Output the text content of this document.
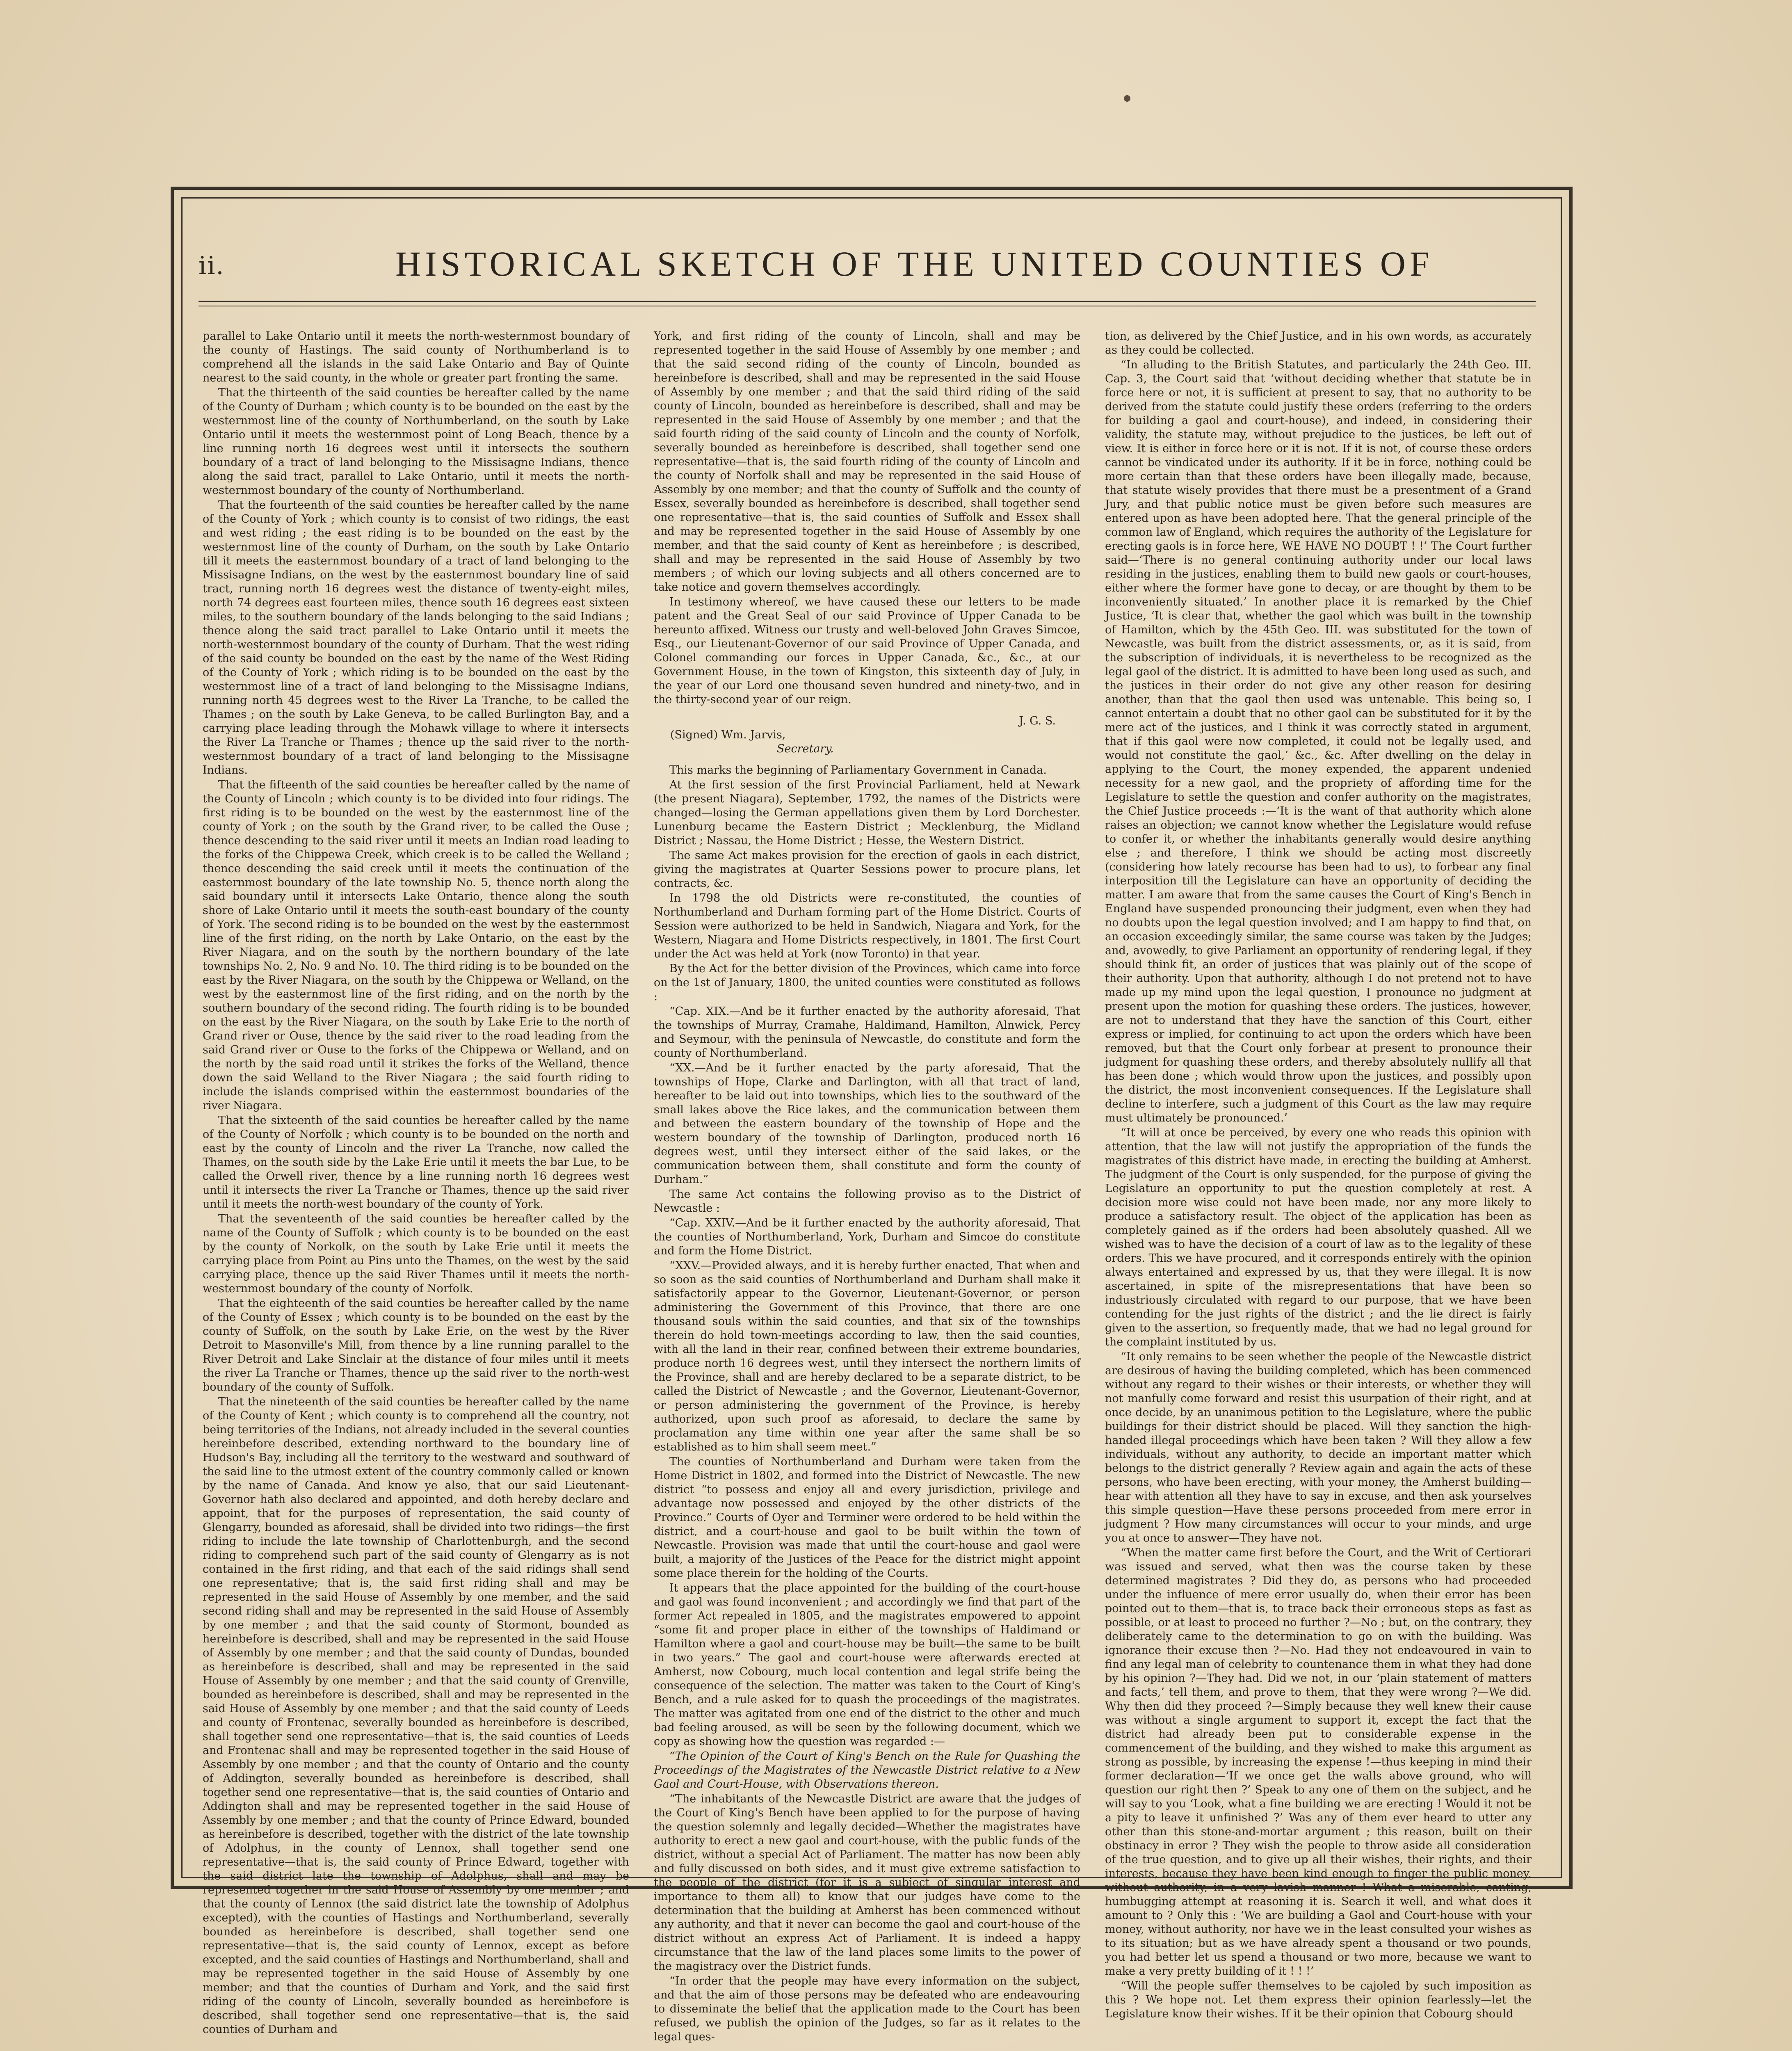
ii.	HISTORICAL SKETCH OF THE UNITED COUNTIES OF

parallel to Lake Ontario until it meets the north-westernmost boundary of the county of Hastings. The said county of Northumberland is to comprehend all the islands in the said Lake Ontario and Bay of Quinte nearest to the said county, in the whole or greater part fronting the same.

That the thirteenth of the said counties be hereafter called by the name of the County of Durham ; which county is to be bounded on the east by the westernmost line of the county of Northumberland, on the south by Lake Ontario until it meets the westernmost point of Long Beach, thence by a line running north 16 degrees west until it intersects the southern boundary of a tract of land belonging to the Missisagne Indians, thence along the said tract, parallel to Lake Ontario, until it meets the north-westernmost boundary of the county of Northumberland.

That the fourteenth of the said counties be hereafter called by the name of the County of York ; which county is to consist of two ridings, the east and west riding ; the east riding is to be bounded on the east by the westernmost line of the county of Durham, on the south by Lake Ontario till it meets the easternmost boundary of a tract of land belonging to the Missisagne Indians, on the west by the easternmost boundary line of said tract, running north 16 degrees west the distance of twenty-eight miles, north 74 degrees east fourteen miles, thence south 16 degrees east sixteen miles, to the southern boundary of the lands belonging to the said Indians ; thence along the said tract parallel to Lake Ontario until it meets the north-westernmost boundary of the county of Durham. That the west riding of the said county be bounded on the east by the name of the West Riding of the County of York ; which riding is to be bounded on the east by the westernmost line of a tract of land belonging to the Missisagne Indians, running north 45 degrees west to the River La Tranche, to be called the Thames ; on the south by Lake Geneva, to be called Burlington Bay, and a carrying place leading through the Mohawk village to where it intersects the River La Tranche or Thames ; thence up the said river to the north-westernmost boundary of a tract of land belonging to the Missisagne Indians.

That the fifteenth of the said counties be hereafter called by the name of the County of Lincoln ; which county is to be divided into four ridings. The first riding is to be bounded on the west by the easternmost line of the county of York ; on the south by the Grand river, to be called the Ouse ; thence descending to the said river until it meets an Indian road leading to the forks of the Chippewa Creek, which creek is to be called the Welland ; thence descending the said creek until it meets the continuation of the easternmost boundary of the late township No. 5, thence north along the said boundary until it intersects Lake Ontario, thence along the south shore of Lake Ontario until it meets the south-east boundary of the county of York. The second riding is to be bounded on the west by the easternmost line of the first riding, on the north by Lake Ontario, on the east by the River Niagara, and on the south by the northern boundary of the late townships No. 2, No. 9 and No. 10. The third riding is to be bounded on the east by the River Niagara, on the south by the Chippewa or Welland, on the west by the easternmost line of the first riding, and on the north by the southern boundary of the second riding. The fourth riding is to be bounded on the east by the River Niagara, on the south by Lake Erie to the north of Grand river or Ouse, thence by the said river to the road leading from the said Grand river or Ouse to the forks of the Chippewa or Welland, and on the north by the said road until it strikes the forks of the Welland, thence down the said Welland to the River Niagara ; the said fourth riding to include the islands comprised within the easternmost boundaries of the river Niagara.

That the sixteenth of the said counties be hereafter called by the name of the County of Norfolk ; which county is to be bounded on the north and east by the county of Lincoln and the river La Tranche, now called the Thames, on the south side by the Lake Erie until it meets the bar Lue, to be called the Orwell river, thence by a line running north 16 degrees west until it intersects the river La Tranche or Thames, thence up the said river until it meets the north-west boundary of the county of York.

That the seventeenth of the said counties be hereafter called by the name of the County of Suffolk ; which county is to be bounded on the east by the county of Norkolk, on the south by Lake Erie until it meets the carrying place from Point au Pins unto the Thames, on the west by the said carrying place, thence up the said River Thames until it meets the north-westernmost boundary of the county of Norfolk.

That the eighteenth of the said counties be hereafter called by the name of the County of Essex ; which county is to be bounded on the east by the county of Suffolk, on the south by Lake Erie, on the west by the River Detroit to Masonville's Mill, from thence by a line running parallel to the River Detroit and Lake Sinclair at the distance of four miles until it meets the river La Tranche or Thames, thence up the said river to the north-west boundary of the county of Suffolk.

That the nineteenth of the said counties be hereafter called by the name of the County of Kent ; which county is to comprehend all the country, not being territories of the Indians, not already included in the several counties hereinbefore described, extending northward to the boundary line of Hudson's Bay, including all the territory to the westward and southward of the said line to the utmost extent of the country commonly called or known by the name of Canada. And know ye also, that our said Lieutenant-Governor hath also declared and appointed, and doth hereby declare and appoint, that for the purposes of representation, the said county of Glengarry, bounded as aforesaid, shall be divided into two ridings—the first riding to include the late township of Charlottenburgh, and the second riding to comprehend such part of the said county of Glengarry as is not contained in the first riding, and that each of the said ridings shall send one representative; that is, the said first riding shall and may be represented in the said House of Assembly by one member, and the said second riding shall and may be represented in the said House of Assembly by one member ; and that the said county of Stormont, bounded as hereinbefore is described, shall and may be represented in the said House of Assembly by one member ; and that the said county of Dundas, bounded as hereinbefore is described, shall and may be represented in the said House of Assembly by one member ; and that the said county of Grenville, bounded as hereinbefore is described, shall and may be represented in the said House of Assembly by one member ; and that the said county of Leeds and county of Frontenac, severally bounded as hereinbefore is described, shall together send one representative—that is, the said counties of Leeds and Frontenac shall and may be represented together in the said House of Assembly by one member ; and that the county of Ontario and the county of Addington, severally bounded as hereinbefore is described, shall together send one representative—that is, the said counties of Ontario and Addington shall and may be represented together in the said House of Assembly by one member ; and that the county of Prince Edward, bounded as hereinbefore is described, together with the district of the late township of Adolphus, in the county of Lennox, shall together send one representative—that is, the said county of Prince Edward, together with the said district late the township of Adolphus, shall and may be represented together in the said House of Assembly by one member ; and that the county of Lennox (the said district late the township of Adolphus excepted), with the counties of Hastings and Northumberland, severally bounded as hereinbefore is described, shall together send one representative—that is, the said county of Lennox, except as before excepted, and the said counties of Hastings and Northumberland, shall and may be represented together in the said House of Assembly by one member; and that the counties of Durham and York, and the said first riding of the county of Lincoln, severally bounded as hereinbefore is described, shall together send one representative—that is, the said counties of Durham and

York, and first riding of the county of Lincoln, shall and may be represented together in the said House of Assembly by one member ; and that the said second riding of the county of Lincoln, bounded as hereinbefore is described, shall and may be represented in the said House of Assembly by one member ; and that the said third riding of the said county of Lincoln, bounded as hereinbefore is described, shall and may be represented in the said House of Assembly by one member ; and that the said fourth riding of the said county of Lincoln and the county of Norfolk, severally bounded as hereinbefore is described, shall together send one representative—that is, the said fourth riding of the county of Lincoln and the county of Norfolk shall and may be represented in the said House of Assembly by one member; and that the county of Suffolk and the county of Essex, severally bounded as hereinbefore is described, shall together send one representative—that is, the said counties of Suffolk and Essex shall and may be represented together in the said House of Assembly by one member, and that the said county of Kent as hereinbefore ; is described, shall and may be represented in the said House of Assembly by two members ; of which our loving subjects and all others concerned are to take notice and govern themselves accordingly.

In testimony whereof, we have caused these our letters to be made patent and the Great Seal of our said Province of Upper Canada to be hereunto affixed. Witness our trusty and well-beloved John Graves Simcoe, Esq., our Lieutenant-Governor of our said Province of Upper Canada, and Colonel commanding our forces in Upper Canada, &c., &c., at our Government House, in the town of Kingston, this sixteenth day of July, in the year of our Lord one thousand seven hundred and ninety-two, and in the thirty-second year of our reign.

J. G. S.
(Signed) Wm. Jarvis,
Secretary.

This marks the beginning of Parliamentary Government in Canada.

At the first session of the first Provincial Parliament, held at Newark (the present Niagara), September, 1792, the names of the Districts were changed—losing the German appellations given them by Lord Dorchester. Lunenburg became the Eastern District ; Mecklenburg, the Midland District ; Nassau, the Home District ; Hesse, the Western District.

The same Act makes provision for the erection of gaols in each district, giving the magistrates at Quarter Sessions power to procure plans, let contracts, &c.

In 1798 the old Districts were re-constituted, the counties of Northumberland and Durham forming part of the Home District. Courts of Session were authorized to be held in Sandwich, Niagara and York, for the Western, Niagara and Home Districts respectively, in 1801. The first Court under the Act was held at York (now Toronto) in that year.

By the Act for the better division of the Provinces, which came into force on the 1st of January, 1800, the united counties were constituted as follows :

“Cap. XIX.—And be it further enacted by the authority aforesaid, That the townships of Murray, Cramahe, Haldimand, Hamilton, Alnwick, Percy and Seymour, with the peninsula of Newcastle, do constitute and form the county of Northumberland.

“XX.—And be it further enacted by the party aforesaid, That the townships of Hope, Clarke and Darlington, with all that tract of land, hereafter to be laid out into townships, which lies to the southward of the small lakes above the Rice lakes, and the communication between them and between the eastern boundary of the township of Hope and the western boundary of the township of Darlington, produced north 16 degrees west, until they intersect either of the said lakes, or the communication between them, shall constitute and form the county of Durham.”

The same Act contains the following proviso as to the District of Newcastle :

“Cap. XXIV.—And be it further enacted by the authority aforesaid, That the counties of Northumberland, York, Durham and Simcoe do constitute and form the Home District.

“XXV.—Provided always, and it is hereby further enacted, That when and so soon as the said counties of Northumberland and Durham shall make it satisfactorily appear to the Governor, Lieutenant-Governor, or person administering the Government of this Province, that there are one thousand souls within the said counties, and that six of the townships therein do hold town-meetings according to law, then the said counties, with all the land in their rear, confined between their extreme boundaries, produce north 16 degrees west, until they intersect the northern limits of the Province, shall and are hereby declared to be a separate district, to be called the District of Newcastle ; and the Governor, Lieutenant-Governor, or person administering the government of the Province, is hereby authorized, upon such proof as aforesaid, to declare the same by proclamation any time within one year after the same shall be so established as to him shall seem meet.”

The counties of Northumberland and Durham were taken from the Home District in 1802, and formed into the District of Newcastle. The new district “to possess and enjoy all and every jurisdiction, privilege and advantage now possessed and enjoyed by the other districts of the Province.” Courts of Oyer and Terminer were ordered to be held within the district, and a court-house and gaol to be built within the town of Newcastle. Provision was made that until the court-house and gaol were built, a majority of the Justices of the Peace for the district might appoint some place therein for the holding of the Courts.

It appears that the place appointed for the building of the court-house and gaol was found inconvenient ; and accordingly we find that part of the former Act repealed in 1805, and the magistrates empowered to appoint “some fit and proper place in either of the townships of Haldimand or Hamilton where a gaol and court-house may be built—the same to be built in two years.” The gaol and court-house were afterwards erected at Amherst, now Cobourg, much local contention and legal strife being the consequence of the selection. The matter was taken to the Court of King's Bench, and a rule asked for to quash the proceedings of the magistrates. The matter was agitated from one end of the district to the other and much bad feeling aroused, as will be seen by the following document, which we copy as showing how the question was regarded :—

“The Opinion of the Court of King's Bench on the Rule for Quashing the Proceedings of the Magistrates of the Newcastle District relative to a New Gaol and Court-House, with Observations thereon.

“The inhabitants of the Newcastle District are aware that the judges of the Court of King's Bench have been applied to for the purpose of having the question solemnly and legally decided—Whether the magistrates have authority to erect a new gaol and court-house, with the public funds of the district, without a special Act of Parliament. The matter has now been ably and fully discussed on both sides, and it must give extreme satisfaction to the people of the district (for it is a subject of singular interest and importance to them all) to know that our judges have come to the determination that the building at Amherst has been commenced without any authority, and that it never can become the gaol and court-house of the district without an express Act of Parliament. It is indeed a happy circumstance that the law of the land places some limits to the power of the magistracy over the District funds.

“In order that the people may have every information on the subject, and that the aim of those persons may be defeated who are endeavouring to disseminate the belief that the application made to the Court has been refused, we publish the opinion of the Judges, so far as it relates to the legal ques-

tion, as delivered by the Chief Justice, and in his own words, as accurately as they could be collected.

“In alluding to the British Statutes, and particularly the 24th Geo. III. Cap. 3, the Court said that ‘without deciding whether that statute be in force here or not, it is sufficient at present to say, that no authority to be derived from the statute could justify these orders (referring to the orders for building a gaol and court-house), and indeed, in considering their validity, the statute may, without prejudice to the justices, be left out of view. It is either in force here or it is not. If it is not, of course these orders cannot be vindicated under its authority. If it be in force, nothing could be more certain than that these orders have been illegally made, because, that statute wisely provides that there must be a presentment of a Grand Jury, and that public notice must be given before such measures are entered upon as have been adopted here. That the general principle of the common law of England, which requires the authority of the Legislature for erecting gaols is in force here, WE HAVE NO DOUBT ! !’ The Court further said—‘There is no general continuing authority under our local laws residing in the justices, enabling them to build new gaols or court-houses, either where the former have gone to decay, or are thought by them to be inconveniently situated.’ In another place it is remarked by the Chief Justice, ‘It is clear that, whether the gaol which was built in the township of Hamilton, which by the 45th Geo. III. was substituted for the town of Newcastle, was built from the district assessments, or, as it is said, from the subscription of individuals, it is nevertheless to be recognized as the legal gaol of the district. It is admitted to have been long used as such, and the justices in their order do not give any other reason for desiring another, than that the gaol then used was untenable. This being so, I cannot entertain a doubt that no other gaol can be substituted for it by the mere act of the justices, and I think it was correctly stated in argument, that if this gaol were now completed, it could not be legally used, and would not constitute the gaol,’ &c., &c. After dwelling on the delay in applying to the Court, the money expended, the apparent undenied necessity for a new gaol, and the propriety of affording time for the Legislature to settle the question and confer authority on the magistrates, the Chief Justice proceeds :—‘It is the want of that authority which alone raises an objection; we cannot know whether the Legislature would refuse to confer it, or whether the inhabitants generally would desire anything else ; and therefore, I think we should be acting most discreetly (considering how lately recourse has been had to us), to forbear any final interposition till the Legislature can have an opportunity of deciding the matter. I am aware that from the same causes the Court of King's Bench in England have suspended pronouncing their judgment, even when they had no doubts upon the legal question involved; and I am happy to find that, on an occasion exceedingly similar, the same course was taken by the Judges; and, avowedly, to give Parliament an opportunity of rendering legal, if they should think fit, an order of justices that was plainly out of the scope of their authority. Upon that authority, although I do not pretend not to have made up my mind upon the legal question, I pronounce no judgment at present upon the motion for quashing these orders. The justices, however, are not to understand that they have the sanction of this Court, either express or implied, for continuing to act upon the orders which have been removed, but that the Court only forbear at present to pronounce their judgment for quashing these orders, and thereby absolutely nullify all that has been done ; which would throw upon the justices, and possibly upon the district, the most inconvenient consequences. If the Legislature shall decline to interfere, such a judgment of this Court as the law may require must ultimately be pronounced.’

“It will at once be perceived, by every one who reads this opinion with attention, that the law will not justify the appropriation of the funds the magistrates of this district have made, in erecting the building at Amherst. The judgment of the Court is only suspended, for the purpose of giving the Legislature an opportunity to put the question completely at rest. A decision more wise could not have been made, nor any more likely to produce a satisfactory result. The object of the application has been as completely gained as if the orders had been absolutely quashed. All we wished was to have the decision of a court of law as to the legality of these orders. This we have procured, and it corresponds entirely with the opinion always entertained and expressed by us, that they were illegal. It is now ascertained, in spite of the misrepresentations that have been so industriously circulated with regard to our purpose, that we have been contending for the just rights of the district ; and the lie direct is fairly given to the assertion, so frequently made, that we had no legal ground for the complaint instituted by us.

“It only remains to be seen whether the people of the Newcastle district are desirous of having the building completed, which has been commenced without any regard to their wishes or their interests, or whether they will not manfully come forward and resist this usurpation of their right, and at once decide, by an unanimous petition to the Legislature, where the public buildings for their district should be placed. Will they sanction the high-handed illegal proceedings which have been taken ? Will they allow a few individuals, without any authority, to decide an important matter which belongs to the district generally ? Review again and again the acts of these persons, who have been erecting, with your money, the Amherst building—hear with attention all they have to say in excuse, and then ask yourselves this simple question—Have these persons proceeded from mere error in judgment ? How many circumstances will occur to your minds, and urge you at once to answer—They have not.

“When the matter came first before the Court, and the Writ of Certiorari was issued and served, what then was the course taken by these determined magistrates ? Did they do, as persons who had proceeded under the influence of mere error usually do, when their error has been pointed out to them—that is, to trace back their erroneous steps as fast as possible, or at least to proceed no further ?—No ; but, on the contrary, they deliberately came to the determination to go on with the building. Was ignorance their excuse then ?—No. Had they not endeavoured in vain to find any legal man of celebrity to countenance them in what they had done by his opinion ?—They had. Did we not, in our ‘plain statement of matters and facts,’ tell them, and prove to them, that they were wrong ?—We did. Why then did they proceed ?—Simply because they well knew their cause was without a single argument to support it, except the fact that the district had already been put to considerable expense in the commencement of the building, and they wished to make this argument as strong as possible, by increasing the expense !—thus keeping in mind their former declaration—‘If we once get the walls above ground, who will question our right then ?’ Speak to any one of them on the subject, and he will say to you ‘Look, what a fine building we are erecting ! Would it not be a pity to leave it unfinished ?’ Was any of them ever heard to utter any other than this stone-and-mortar argument ; this reason, built on their obstinacy in error ? They wish the people to throw aside all consideration of the true question, and to give up all their wishes, their rights, and their interests, because they have been kind enough to finger the public money, without authority, in a very lavish manner ! What a miserable, canting, humbugging attempt at reasoning it is. Search it well, and what does it amount to ? Only this : ‘We are building a Gaol and Court-house with your money, without authority, nor have we in the least consulted your wishes as to its situation; but as we have already spent a thousand or two pounds, you had better let us spend a thousand or two more, because we want to make a very pretty building of it ! ! !’

“Will the people suffer themselves to be cajoled by such imposition as this ? We hope not. Let them express their opinion fearlessly—let the Legislature know their wishes. If it be their opinion that Cobourg should
